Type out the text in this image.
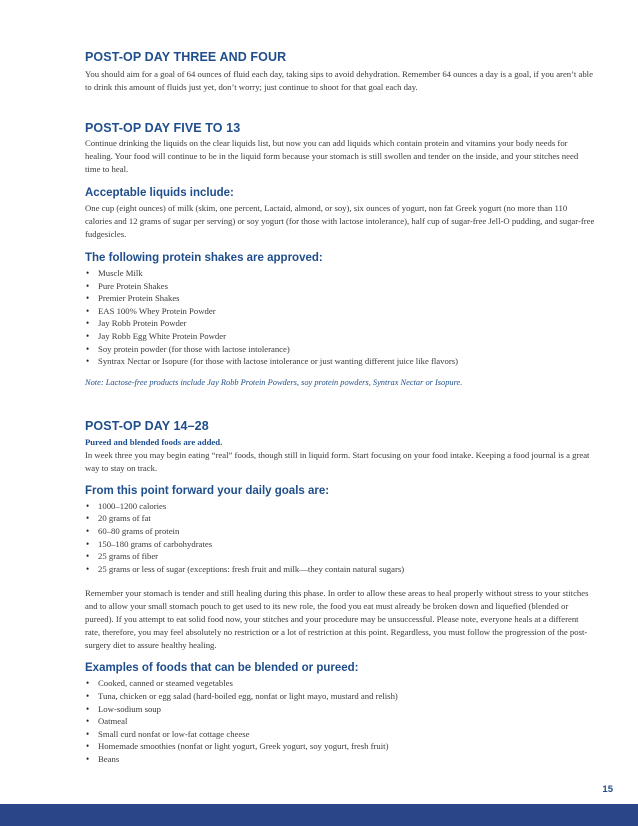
POST-OP DAY THREE AND FOUR

You should aim for a goal of 64 ounces of fluid each day, taking sips to avoid dehydration. Remember 64 ounces a day is a goal, if you aren’t able to drink this amount of fluids just yet, don’t worry; just continue to shoot for that goal each day.

POST-OP DAY FIVE TO 13

Continue drinking the liquids on the clear liquids list, but now you can add liquids which contain protein and vitamins your body needs for healing. Your food will continue to be in the liquid form because your stomach is still swollen and tender on the inside, and your stitches need time to heal.

Acceptable liquids include:

One cup (eight ounces) of milk (skim, one percent, Lactaid, almond, or soy), six ounces of yogurt, non fat Greek yogurt (no more than 110 calories and 12 grams of sugar per serving) or soy yogurt (for those with lactose intolerance), half cup of sugar-free Jell-O pudding, and sugar-free fudgesicles.

The following protein shakes are approved:
• Muscle Milk
• Pure Protein Shakes
• Premier Protein Shakes
• EAS 100% Whey Protein Powder
• Jay Robb Protein Powder
• Jay Robb Egg White Protein Powder
• Soy protein powder (for those with lactose intolerance)
• Syntrax Nectar or Isopure (for those with lactose intolerance or just wanting different juice like flavors)

Note: Lactose-free products include Jay Robb Protein Powders, soy protein powders, Syntrax Nectar or Isopure.

POST-OP DAY 14–28

Pureed and blended foods are added.

In week three you may begin eating “real” foods, though still in liquid form. Start focusing on your food intake. Keeping a food journal is a great way to stay on track.

From this point forward your daily goals are:
• 1000–1200 calories
• 20 grams of fat
• 60–80 grams of protein
• 150–180 grams of carbohydrates
• 25 grams of fiber
• 25 grams or less of sugar (exceptions: fresh fruit and milk—they contain natural sugars)

Remember your stomach is tender and still healing during this phase. In order to allow these areas to heal properly without stress to your stitches and to allow your small stomach pouch to get used to its new role, the food you eat must already be broken down and liquefied (blended or pureed). If you attempt to eat solid food now, your stitches and your procedure may be unsuccessful. Please note, everyone heals at a different rate, therefore, you may feel absolutely no restriction or a lot of restriction at this point. Regardless, you must follow the progression of the post-surgery diet to assure healthy healing.

Examples of foods that can be blended or pureed:
• Cooked, canned or steamed vegetables
• Tuna, chicken or egg salad (hard-boiled egg, nonfat or light mayo, mustard and relish)
• Low-sodium soup
• Oatmeal
• Small curd nonfat or low-fat cottage cheese
• Homemade smoothies (nonfat or light yogurt, Greek yogurt, soy yogurt, fresh fruit)
• Beans
15
